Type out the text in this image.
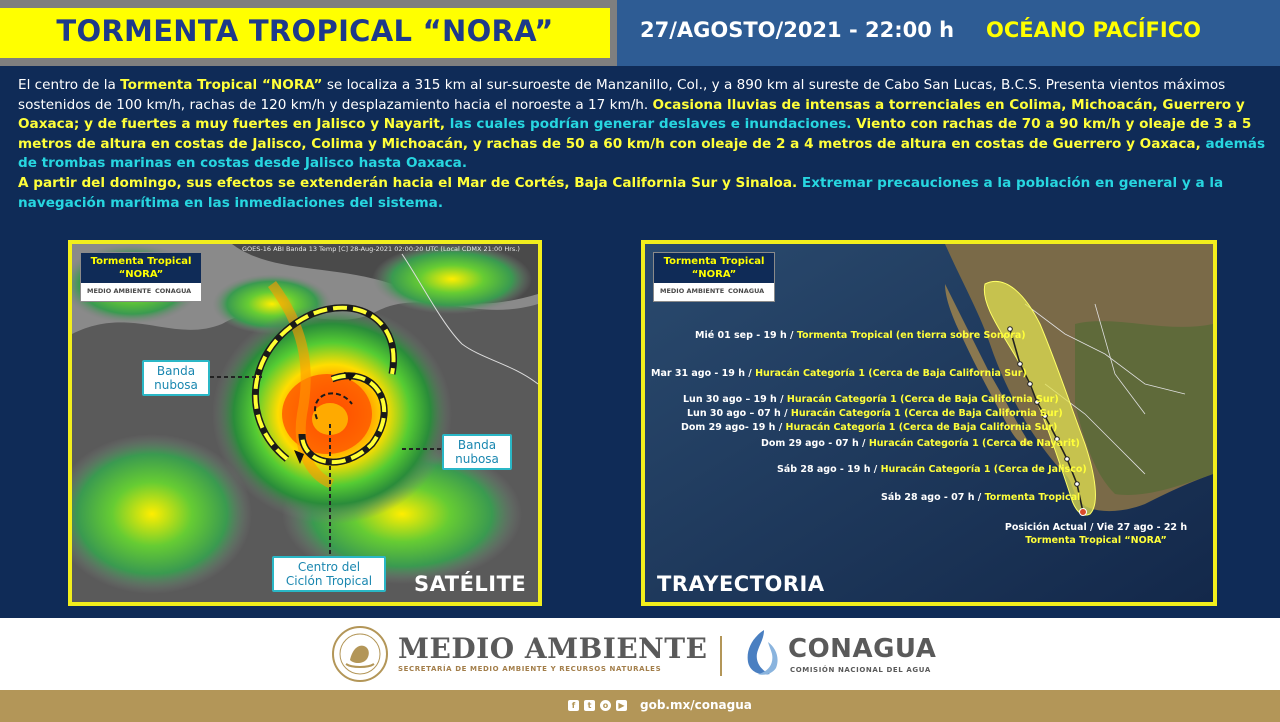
TORMENTA TROPICAL “NORA”	27/AGOSTO/2021 - 22:00 h OCÉANO PACÍFICO
El centro de la Tormenta Tropical “NORA” se localiza a 315 km al sur-suroeste de Manzanillo, Col., y a 890 km al sureste de Cabo San Lucas, B.C.S. Presenta vientos máximos sostenidos de 100 km/h, rachas de 120 km/h y desplazamiento hacia el noroeste a 17 km/h. Ocasiona lluvias de intensas a torrenciales en Colima, Michoacán, Guerrero y Oaxaca; y de fuertes a muy fuertes en Jalisco y Nayarit, las cuales podrían generar deslaves e inundaciones. Viento con rachas de 70 a 90 km/h y oleaje de 3 a 5 metros de altura en costas de Jalisco, Colima y Michoacán, y rachas de 50 a 60 km/h con oleaje de 2 a 4 metros de altura en costas de Guerrero y Oaxaca, además de trombas marinas en costas desde Jalisco hasta Oaxaca.
A partir del domingo, sus efectos se extenderán hacia el Mar de Cortés, Baja California Sur y Sinaloa. Extremar precauciones a la población en general y a la navegación marítima en las inmediaciones del sistema.
GOES-16 ABI Banda 13 Temp [C] 28-Aug-2021 02:00:20 UTC (Local CDMX 21:00 Hrs.)
Tormenta Tropical
“NORA”
MEDIO AMBIENTE CONAGUA
Banda
nubosa
Banda
nubosa
Centro del
Ciclón Tropical	SATÉLITE
Tormenta Tropical
“NORA”
MEDIO AMBIENTE CONAGUA
Mié 01 sep - 19 h / Tormenta Tropical (en tierra sobre Sonora)
Mar 31 ago - 19 h / Huracán Categoría 1 (Cerca de Baja California Sur)
Lun 30 ago – 19 h / Huracán Categoría 1 (Cerca de Baja California Sur)
Lun 30 ago – 07 h / Huracán Categoría 1 (Cerca de Baja California Sur)
Dom 29 ago- 19 h / Huracán Categoría 1 (Cerca de Baja California Sur)
Dom 29 ago - 07 h / Huracán Categoría 1 (Cerca de Nayarit)
Sáb 28 ago - 19 h / Huracán Categoría 1 (Cerca de Jalisco)
Sáb 28 ago - 07 h / Tormenta Tropical
Posición Actual / Vie 27 ago - 22 h
Tormenta Tropical “NORA”
TRAYECTORIA
MEDIO AMBIENTE
SECRETARÍA DE MEDIO AMBIENTE Y RECURSOS NATURALES
CONAGUA
COMISIÓN NACIONAL DEL AGUA
f	t	o	▶ gob.mx/conagua
